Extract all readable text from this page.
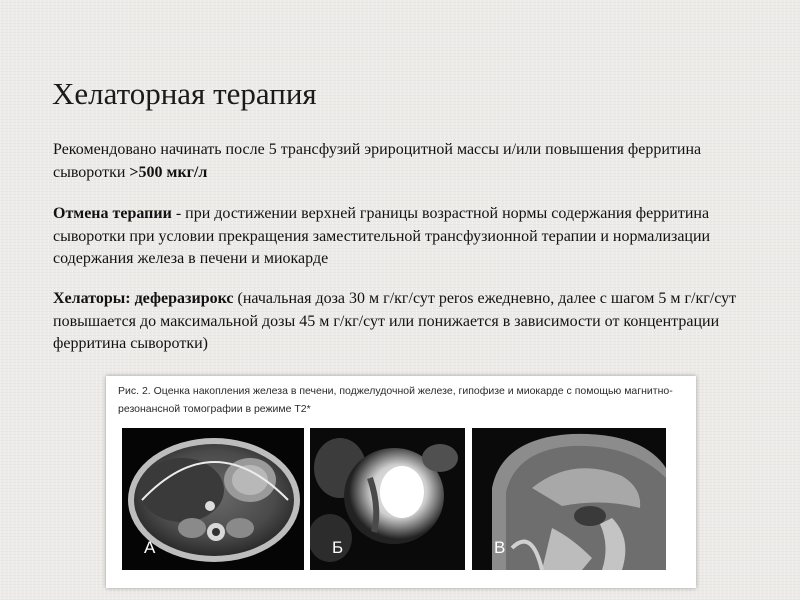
Хелаторная терапия
Рекомендовано начинать после 5 трансфузий эрироцитной массы и/или повышения ферритина сыворотки >500 мкг/л
Отмена терапии - при достижении верхней границы возрастной нормы содержания ферритина сыворотки при условии прекращения заместительной трансфузионной терапии и нормализации содержания железа в печени и миокарде
Хелаторы: деферазирокс (начальная доза 30 м г/кг/сут peros ежедневно, далее с шагом 5 м г/кг/сут повышается до максимальной дозы 45 м г/кг/сут или понижается в зависимости от концентрации ферритина сыворотки)
Рис. 2. Оценка накопления железа в печени, поджелудочной железе, гипофизе и миокарде с помощью магнитно-резонансной томографии в режиме Т2*
А	Б	В
